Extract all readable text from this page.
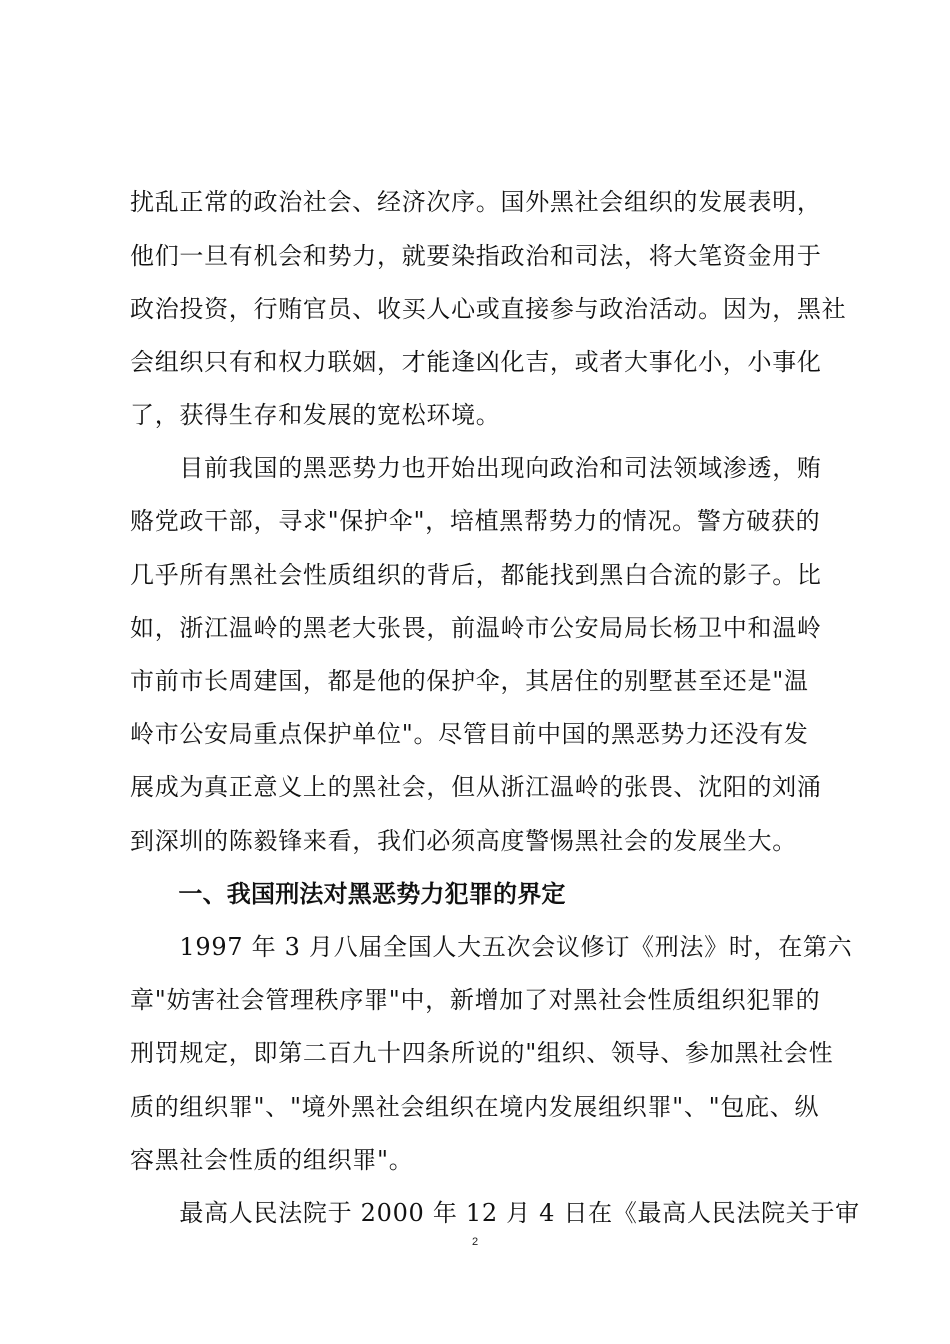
扰乱正常的政治社会、经济次序。国外黑社会组织的发展表明，
他们一旦有机会和势力，就要染指政治和司法，将大笔资金用于
政治投资，行贿官员、收买人心或直接参与政治活动。因为，黑社
会组织只有和权力联姻，才能逢凶化吉，或者大事化小，小事化
了，获得生存和发展的宽松环境。
　　目前我国的黑恶势力也开始出现向政治和司法领域渗透，贿
赂党政干部，寻求"保护伞"，培植黑帮势力的情况。警方破获的
几乎所有黑社会性质组织的背后，都能找到黑白合流的影子。比
如，浙江温岭的黑老大张畏，前温岭市公安局局长杨卫中和温岭
市前市长周建国，都是他的保护伞，其居住的别墅甚至还是"温
岭市公安局重点保护单位"。尽管目前中国的黑恶势力还没有发
展成为真正意义上的黑社会，但从浙江温岭的张畏、沈阳的刘涌
到深圳的陈毅锋来看，我们必须高度警惕黑社会的发展坐大。
　　一、我国刑法对黑恶势力犯罪的界定
　　1997 年 3 月八届全国人大五次会议修订《刑法》时，在第六
章"妨害社会管理秩序罪"中，新增加了对黑社会性质组织犯罪的
刑罚规定，即第二百九十四条所说的"组织、领导、参加黑社会性
质的组织罪"、"境外黑社会组织在境内发展组织罪"、"包庇、纵
容黑社会性质的组织罪"。
　　最高人民法院于 2000 年 12 月 4 日在《最高人民法院关于审
2
